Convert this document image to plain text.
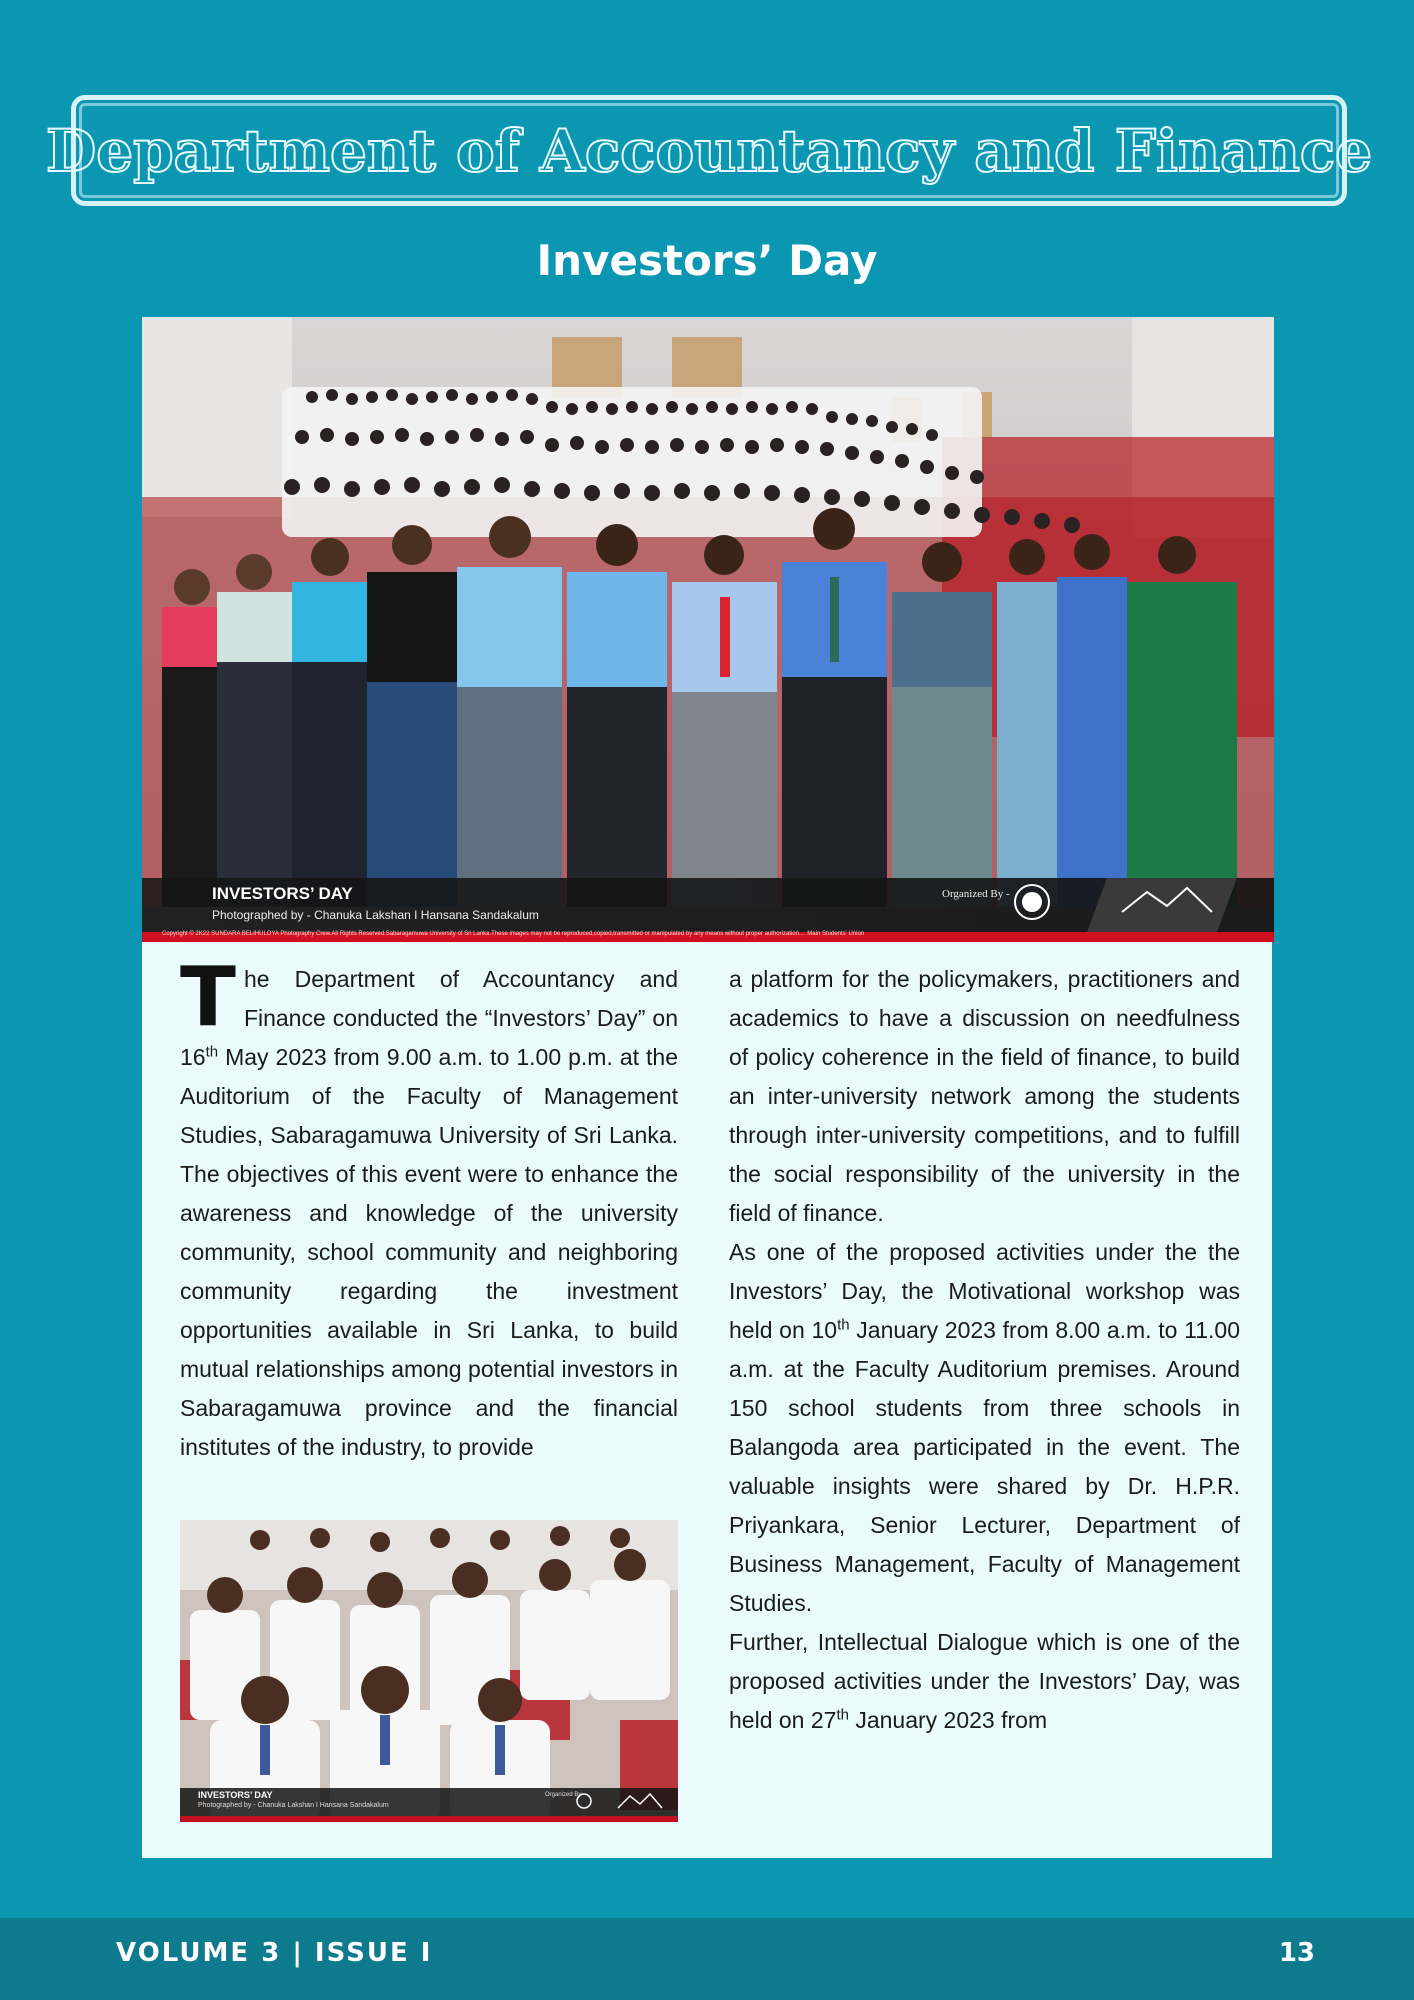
Department of Accountancy and Finance
Investors’ Day
INVESTORS’ DAY
Photographed by - Chanuka Lakshan I Hansana Sandakalum
Organized By -
Copyright © 2K22 SUNDARA BELIHULOYA Photography Crew.All Rights Reserved.Sabaragamuwa University of Sri Lanka.These images may not be reproduced,copied,transmitted or manipulated by any means without proper authorization.... Main Students' Union

The Department of Accountancy and Finance conducted the “Investors’ Day” on 16th May 2023 from 9.00 a.m. to 1.00 p.m. at the Auditorium of the Faculty of Management Studies, Sabaragamuwa University of Sri Lanka. The objectives of this event were to enhance the awareness and knowledge of the university community, school community and neighboring community regarding the investment opportunities available in Sri Lanka, to build mutual relationships among potential investors in Sabaragamuwa province and the financial institutes of the industry, to provide

INVESTORS’ DAY
Photographed by - Chanuka Lakshan I Hansana Sandakalum
Organized By

a platform for the policymakers, practitioners and academics to have a discussion on needfulness of policy coherence in the field of finance, to build an inter-university network among the students through inter-university competitions, and to fulfill the social responsibility of the university in the field of finance.

As one of the proposed activities under the the Investors’ Day, the Motivational workshop was held on 10th January 2023 from 8.00 a.m. to 11.00 a.m. at the Faculty Auditorium premises. Around 150 school students from three schools in Balangoda area participated in the event. The valuable insights were shared by Dr. H.P.R. Priyankara, Senior Lecturer, Department of Business Management, Faculty of Management Studies.

Further, Intellectual Dialogue which is one of the proposed activities under the Investors’ Day, was held on 27th January 2023 from

VOLUME 3 | ISSUE I	13
